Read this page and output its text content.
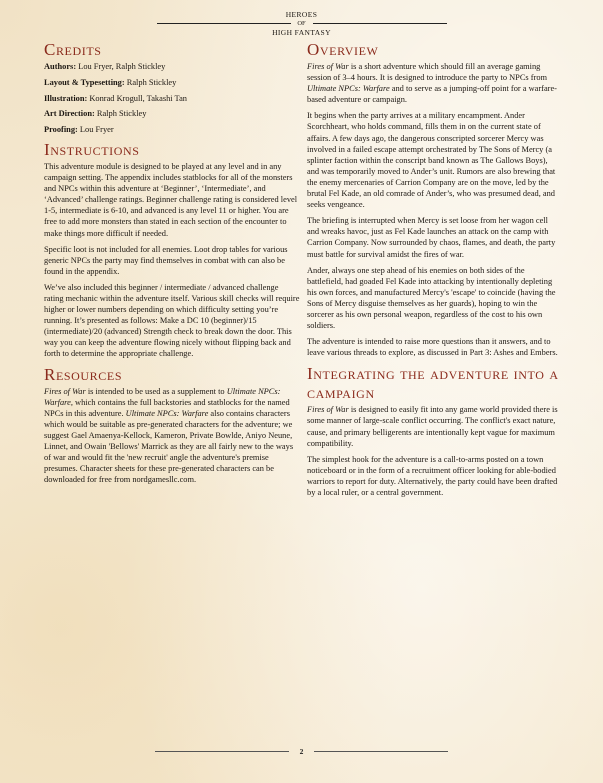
HEROES
OF
HIGH FANTASY
Credits
Authors: Lou Fryer, Ralph Stickley
Layout & Typesetting: Ralph Stickley
Illustration: Konrad Krogull, Takashi Tan
Art Direction: Ralph Stickley
Proofing: Lou Fryer
Instructions

This adventure module is designed to be played at any level and in any campaign setting. The appendix includes statblocks for all of the monsters and NPCs within this adventure at ‘Beginner’, ‘Intermediate’, and ‘Advanced’ challenge ratings. Beginner challenge rating is considered level 1-5, intermediate is 6-10, and advanced is any level 11 or higher. You are free to add more monsters than stated in each section of the encounter to make things more difficult if needed.

Specific loot is not included for all enemies. Loot drop tables for various generic NPCs the party may find themselves in combat with can also be found in the appendix.

We’ve also included this beginner / intermediate / advanced challenge rating mechanic within the adventure itself. Various skill checks will require higher or lower numbers depending on which difficulty setting you’re running. It’s presented as follows: Make a DC 10 (beginner)/15 (intermediate)/20 (advanced) Strength check to break down the door. This way you can keep the adventure flowing nicely without flipping back and forth to determine the appropriate challenge.

Resources

Fires of War is intended to be used as a supplement to Ultimate NPCs: Warfare, which contains the full backstories and statblocks for the named NPCs in this adventure. Ultimate NPCs: Warfare also contains characters which would be suitable as pre-generated characters for the adventure; we suggest Gael Amaenya-Kellock, Kameron, Private Bowlde, Aniyo Neune, Linnet, and Owain 'Bellows' Marrick as they are all fairly new to the ways of war and would fit the 'new recruit' angle the adventure's premise presumes. Character sheets for these pre-generated characters can be downloaded for free from nordgamesllc.com.

Overview

Fires of War is a short adventure which should fill an average gaming session of 3–4 hours. It is designed to introduce the party to NPCs from Ultimate NPCs: Warfare and to serve as a jumping-off point for a warfare-based adventure or campaign.

It begins when the party arrives at a military encampment. Ander Scorchheart, who holds command, fills them in on the current state of affairs. A few days ago, the dangerous conscripted sorcerer Mercy was involved in a failed escape attempt orchestrated by The Sons of Mercy (a splinter faction within the conscript band known as The Gallows Boys), and was temporarily moved to Ander’s unit. Rumors are also brewing that the enemy mercenaries of Carrion Company are on the move, led by the brutal Fel Kade, an old comrade of Ander’s, who was presumed dead, and seeks vengeance.

The briefing is interrupted when Mercy is set loose from her wagon cell and wreaks havoc, just as Fel Kade launches an attack on the camp with Carrion Company. Now surrounded by chaos, flames, and death, the party must battle for survival amidst the fires of war.

Ander, always one step ahead of his enemies on both sides of the battlefield, had goaded Fel Kade into attacking by intentionally depleting his own forces, and manufactured Mercy's 'escape' to coincide (having the Sons of Mercy disguise themselves as her guards), hoping to win the sorcerer as his own personal weapon, regardless of the cost to his own soldiers.

The adventure is intended to raise more questions than it answers, and to leave various threads to explore, as discussed in Part 3: Ashes and Embers.

Integrating the adventure into a campaign

Fires of War is designed to easily fit into any game world provided there is some manner of large-scale conflict occurring. The conflict's exact nature, cause, and primary belligerents are intentionally kept vague for maximum compatibility.

The simplest hook for the adventure is a call-to-arms posted on a town noticeboard or in the form of a recruitment officer looking for able-bodied warriors to report for duty. Alternatively, the party could have been drafted by a local ruler, or a central government.

2
